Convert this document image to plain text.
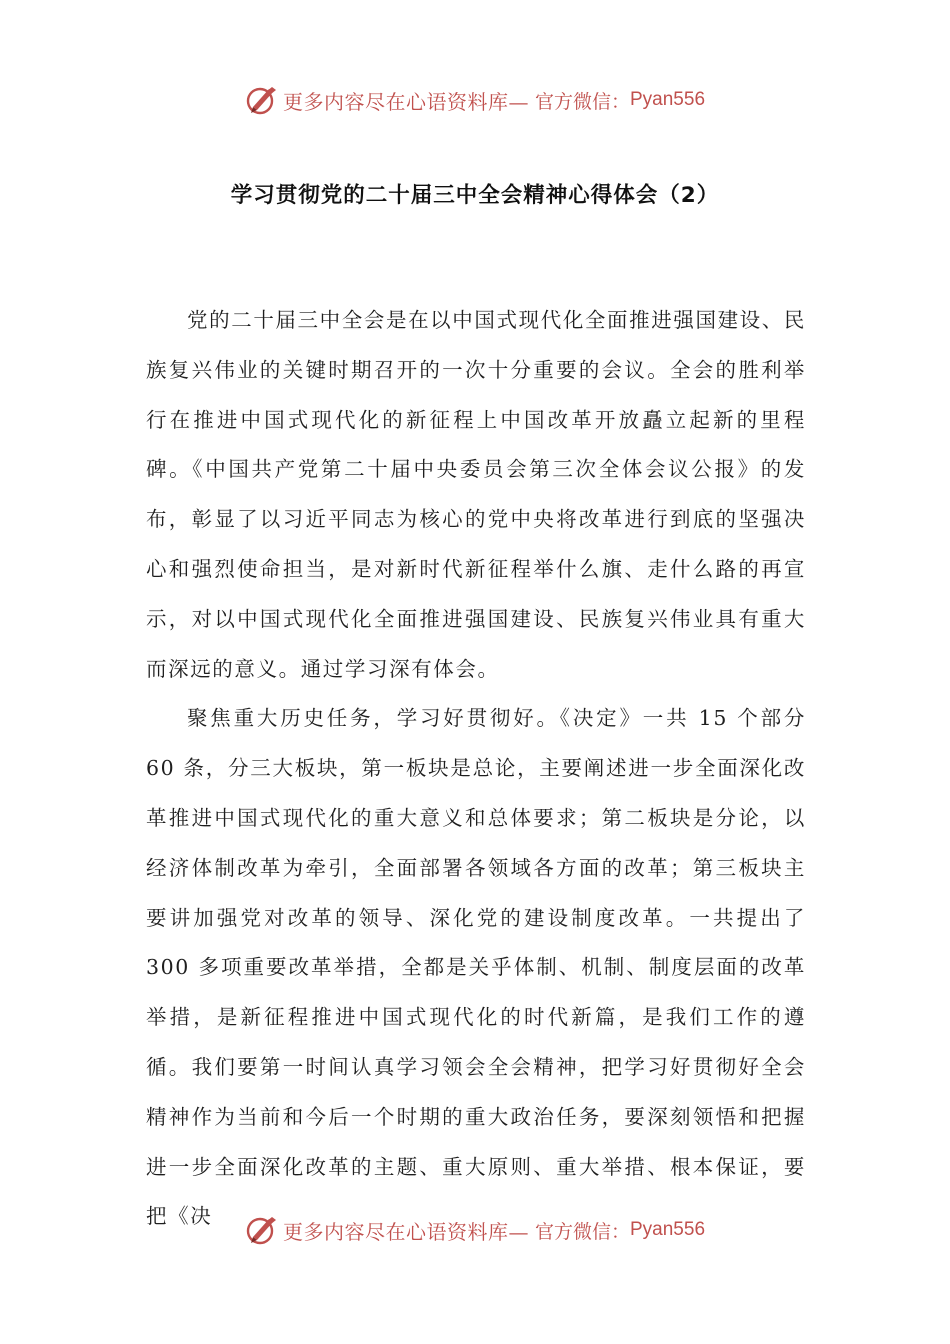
更多内容尽在心语资料库— 官方微信： Pyan556
学习贯彻党的二十届三中全会精神心得体会（2）

党的二十届三中全会是在以中国式现代化全面推进强国建设、民族复兴伟业的关键时期召开的一次十分重要的会议。全会的胜利举行在推进中国式现代化的新征程上中国改革开放矗立起新的里程碑。《中国共产党第二十届中央委员会第三次全体会议公报》的发布，彰显了以习近平同志为核心的党中央将改革进行到底的坚强决心和强烈使命担当，是对新时代新征程举什么旗、走什么路的再宣示，对以中国式现代化全面推进强国建设、民族复兴伟业具有重大而深远的意义。通过学习深有体会。

聚焦重大历史任务，学习好贯彻好。《决定》一共 15 个部分 60 条，分三大板块，第一板块是总论，主要阐述进一步全面深化改革推进中国式现代化的重大意义和总体要求；第二板块是分论，以经济体制改革为牵引，全面部署各领域各方面的改革；第三板块主要讲加强党对改革的领导、深化党的建设制度改革。一共提出了 300 多项重要改革举措，全都是关乎体制、机制、制度层面的改革举措，是新征程推进中国式现代化的时代新篇，是我们工作的遵循。我们要第一时间认真学习领会全会精神，把学习好贯彻好全会精神作为当前和今后一个时期的重大政治任务，要深刻领悟和把握进一步全面深化改革的主题、重大原则、重大举措、根本保证，要把《决

更多内容尽在心语资料库— 官方微信： Pyan556
